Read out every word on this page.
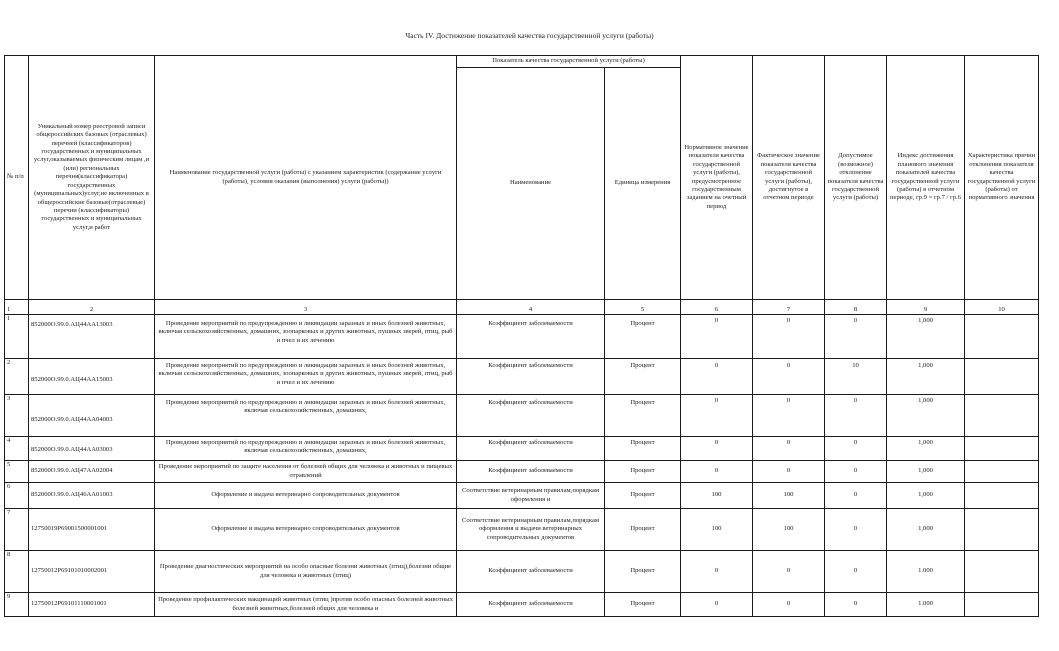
Часть IV. Достижение показателей качества государственной услуги (работы)
№ п/п	Уникальный номер реестровой записи общероссийских базовых (отраслевых) перечней (классификаторов) государственных и муниципальных услуг,оказываемых физическим лицам ,и (или) региональных перечня(классификатора) государственных (муниципальных)услуг,не включенных в общероссийские базовые(отраслевые) перечни (классификаторы) государственных и муниципальных услуг,и работ	Наименование государственной услуги (работы) с указанием характеристик (содержание услуги (работы), условия оказания (выполнения) услуги (работы))	Показатель качества государственной услуги (работы)		Нормативное значение показателя качества государственной услуги (работы), предусмотренное государственным заданием на очетный период	Фактическое значение показателя качества государственной услуги (работы), достигнутое в отчетном периоде	Допустимое (возможное) отклонение показателя качества государственной услуги (работы)	Индекс достижения планового значения показателей качества государственной услуги (работы) в отчетном периоде, гр.9 = гр.7 / гр.6	Характеристика причин отклонения показателя качества государственной услуги (работы) от нормативного значения
			Наименование	Единица измерения					
1	2	3	4	5	6	7	8	9	10
1	852000О.99.0.АЦ44АА13003	Проведение мероприятий по предупреждению и ликвидации заразных и иных болезней животных, включая сельскохозяйственных, домашних, зоопарковых и других животных, пушных зверей, птиц, рыб и пчел и их лечению	Коэффициент заболеваемости	Процент	0	0	0	1,000	
2	852000О.99.0.АЦ44АА15003	Проведение мероприятий по предупреждению и ликвидации заразных и иных болезней животных, включая сельскохозяйственных, домашних, зоопарковых и других животных, пушных зверей, птиц, рыб и пчел и их лечению	Коэффициент заболеваемости	Процент	0	0	10	1,000	
3	852000О.99.0.АЦ44АА04003	Проведение мероприятий по предупреждению и ликвидации заразных и иных болезней животных, включая сельскохозяйственных, домашних,	Коэффициент заболеваемости	Процент	0	0	0	1,000	
4	852000О.99.0.АЦ44АА03003	Проведение мероприятий по предупреждению и ликвидации заразных и иных болезней животных, включая сельскохозяйственных, домашних,	Коэффициент заболеваемости	Процент	0	0	0	1,000	
5	852000О.99.0.АЦ47АА02004	Проведение мероприятий по защите населения от болезней общих для человека и животных и пищевых отравлений	Коэффициент заболеваемости	Процент	0	0	0	1,000	
6	852000О.99.0.АЦ46АА01003	Оформление и выдача ветеринарно сопроводительных документов	Соответствие ветеринарным правилам,порядкам оформления и	Процент	100	100	0	1,000	
7	12750019Р69001500001001	Оформление и выдача ветеринарно сопроводительных документов	Соответствие ветеринарным правилам,порядкам оформления и выдачи ветеринарных сопроводительных документов	Процент	100	100	0	1,000	
8	12750012Р69101010002001	Проведение диагностических мероприятий на особо опасные болезни животных (птиц),болезни общие для человека и животных (птиц)	Коэффициент заболеваемости	Процент	0	0	0	1.000	
9	12750012Р69101110001001	Проведение профилактических вакцинаций животных (птиц )против особо опасных болезней животных болезней животных,болезней общих для человека и	Коэффициент заболеваемости	Процент	0	0	0	1.000	
